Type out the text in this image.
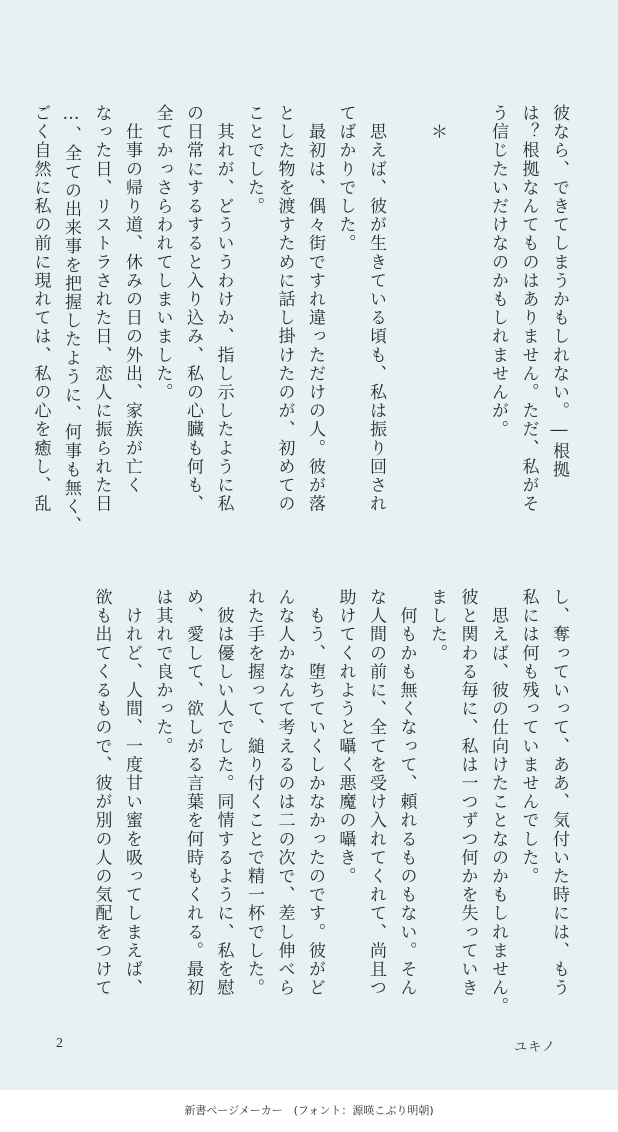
彼なら、できてしまうかもしれない。―根拠
は？根拠なんてものはありません。ただ、私がそ
う信じたいだけなのかもしれませんが。

　＊

　思えば、彼が生きている頃も、私は振り回され
てばかりでした。
　最初は、偶々街ですれ違っただけの人。彼が落
とした物を渡すために話し掛けたのが、初めての
ことでした。
　其れが、どういうわけか、指し示したように私
の日常にするすると入り込み、私の心臓も何も、
全てかっさらわれてしまいました。
　仕事の帰り道、休みの日の外出、家族が亡く
なった日、リストラされた日、恋人に振られた日
…、全ての出来事を把握したように、何事も無く、
ごく自然に私の前に現れては、私の心を癒し、乱
し、奪っていって、ああ、気付いた時には、もう
私には何も残っていませんでした。
　思えば、彼の仕向けたことなのかもしれません。
彼と関わる毎に、私は一つずつ何かを失っていき
ました。
　何もかも無くなって、頼れるものもない。そん
な人間の前に、全てを受け入れてくれて、尚且つ
助けてくれようと囁く悪魔の囁き。
　もう、堕ちていくしかなかったのです。彼がど
んな人かなんて考えるのは二の次で、差し伸べら
れた手を握って、縋り付くことで精一杯でした。
　彼は優しい人でした。同情するように、私を慰
め、愛して、欲しがる言葉を何時もくれる。最初
は其れで良かった。
　けれど、人間、一度甘い蜜を吸ってしまえば、
欲も出てくるもので、彼が別の人の気配をつけて
2	ユキノ
新書ページメーカー　(フォント：源暎こぶり明朝)
